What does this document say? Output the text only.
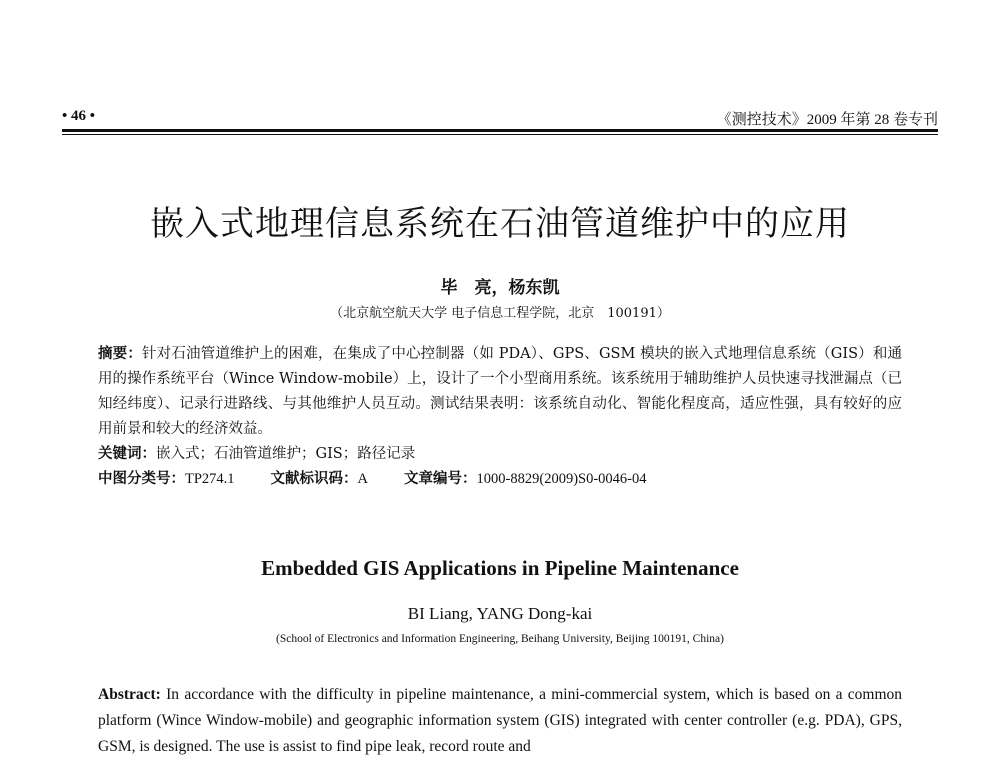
• 46 •	《测控技术》2009 年第 28 卷专刊
嵌入式地理信息系统在石油管道维护中的应用
毕　亮，杨东凯
（北京航空航天大学 电子信息工程学院，北京　100191）
摘要：针对石油管道维护上的困难，在集成了中心控制器（如 PDA）、GPS、GSM 模块的嵌入式地理信息系统（GIS）和通用的操作系统平台（Wince Window-mobile）上，设计了一个小型商用系统。该系统用于辅助维护人员快速寻找泄漏点（已知经纬度）、记录行进路线、与其他维护人员互动。测试结果表明：该系统自动化、智能化程度高，适应性强，具有较好的应用前景和较大的经济效益。
关键词：嵌入式；石油管道维护；GIS；路径记录
中图分类号：TP274.1 文献标识码：A 文章编号：1000-8829(2009)S0-0046-04
Embedded GIS Applications in Pipeline Maintenance
BI Liang, YANG Dong-kai
(School of Electronics and Information Engineering, Beihang University, Beijing 100191, China)
Abstract: In accordance with the difficulty in pipeline maintenance, a mini-commercial system, which is based on a common platform (Wince Window-mobile) and geographic information system (GIS) integrated with center controller (e.g. PDA), GPS, GSM, is designed. The use is assist to find pipe leak, record route and
